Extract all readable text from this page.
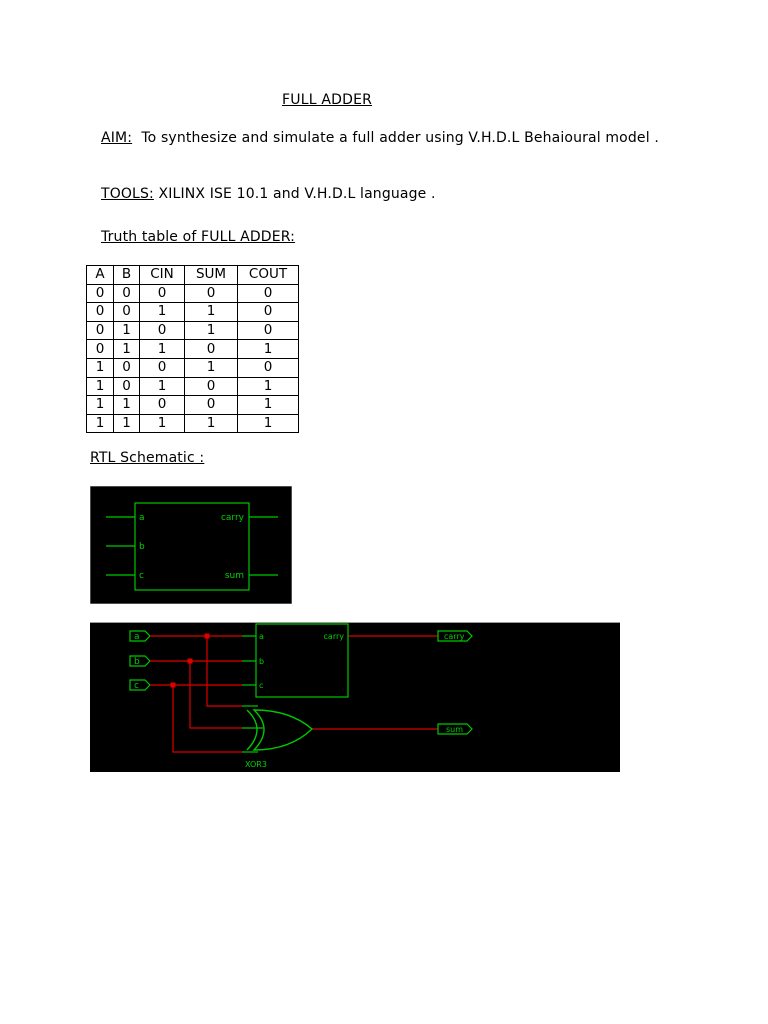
FULL ADDER
AIM: To synthesize and simulate a full adder using V.H.D.L Behaioural model .
TOOLS: XILINX ISE 10.1 and V.H.D.L language .
Truth table of FULL ADDER:
A	B	CIN	SUM	COUT
0	0	0	0	0
0	0	1	1	0
0	1	0	1	0
0	1	1	0	1
1	0	0	1	0
1	0	1	0	1
1	1	0	0	1
1	1	1	1	1
RTL Schematic :
a
b
c
carry
sum
a
b
c
a
b
c
carry
XOR3
carry
sum
